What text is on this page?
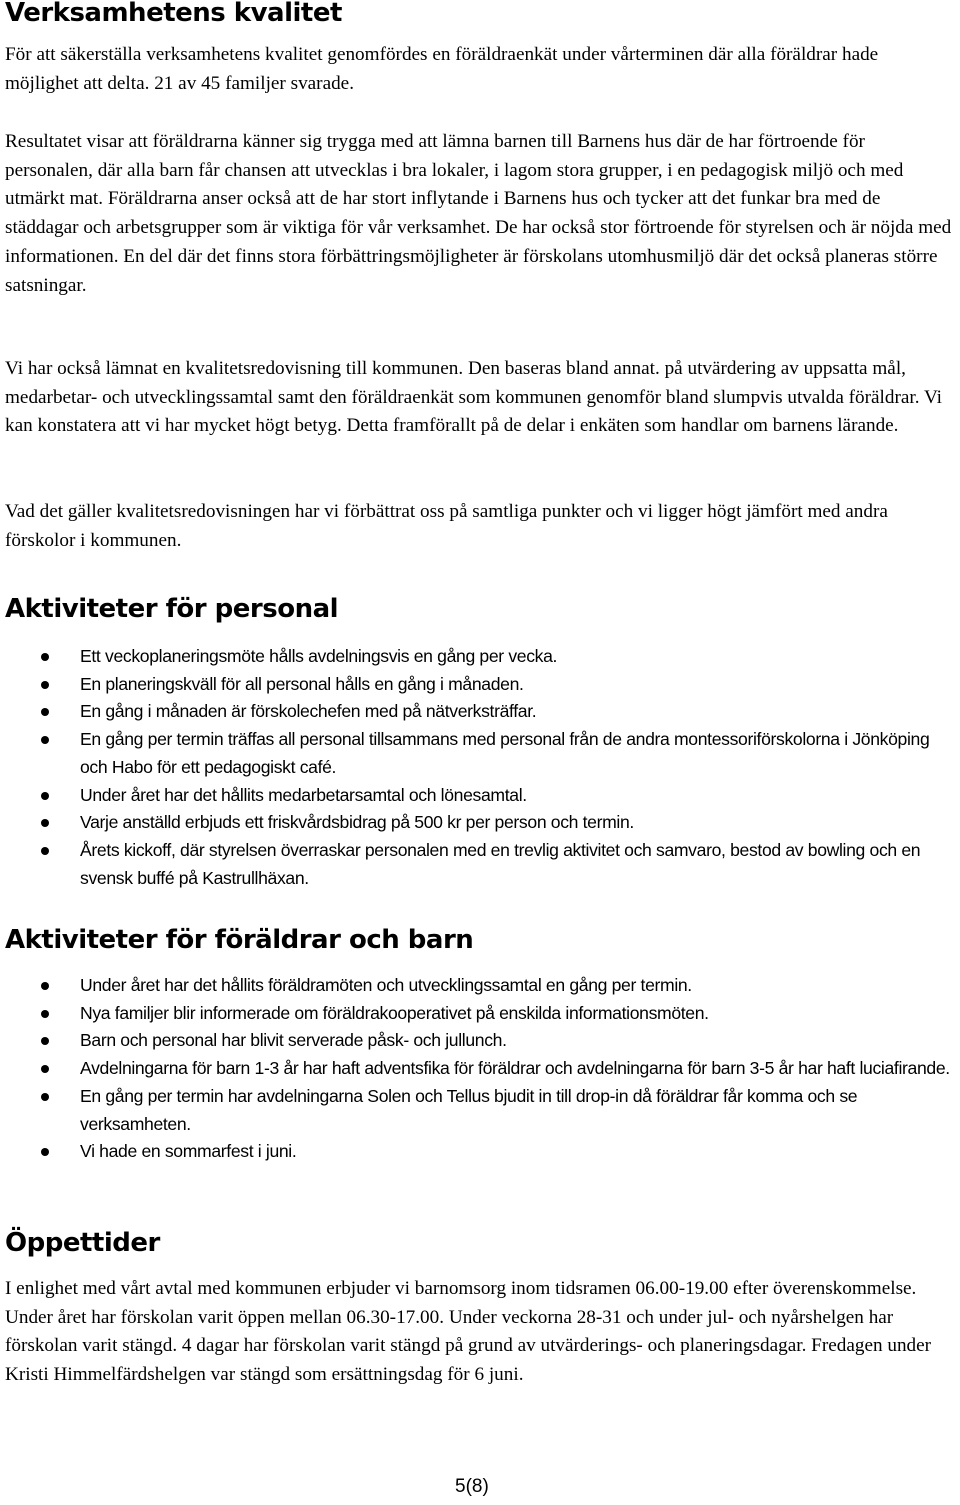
Verksamhetens kvalitet

För att säkerställa verksamhetens kvalitet genomfördes en föräldraenkät under vårterminen där alla föräldrar hade möjlighet att delta. 21 av 45 familjer svarade.

Resultatet visar att föräldrarna känner sig trygga med att lämna barnen till Barnens hus där de har förtroende för personalen, där alla barn får chansen att utvecklas i bra lokaler, i lagom stora grupper, i en pedagogisk miljö och med utmärkt mat. Föräldrarna anser också att de har stort inflytande i Barnens hus och tycker att det funkar bra med de städdagar och arbetsgrupper som är viktiga för vår verksamhet. De har också stor förtroende för styrelsen och är nöjda med informationen. En del där det finns stora förbättringsmöjligheter är förskolans utomhusmiljö där det också planeras större satsningar.

Vi har också lämnat en kvalitetsredovisning till kommunen. Den baseras bland annat. på utvärdering av uppsatta mål, medarbetar- och utvecklingssamtal samt den föräldraenkät som kommunen genomför bland slumpvis utvalda föräldrar. Vi kan konstatera att vi har mycket högt betyg. Detta framförallt på de delar i enkäten som handlar om barnens lärande.

Vad det gäller kvalitetsredovisningen har vi förbättrat oss på samtliga punkter och vi ligger högt jämfört med andra förskolor i kommunen.

Aktiviteter för personal
Ett veckoplaneringsmöte hålls avdelningsvis en gång per vecka.
En planeringskväll för all personal hålls en gång i månaden.
En gång i månaden är förskolechefen med på nätverksträffar.
En gång per termin träffas all personal tillsammans med personal från de andra montessoriförskolorna i Jönköping och Habo för ett pedagogiskt café.
Under året har det hållits medarbetarsamtal och lönesamtal.
Varje anställd erbjuds ett friskvårdsbidrag på 500 kr per person och termin.
Årets kickoff, där styrelsen överraskar personalen med en trevlig aktivitet och samvaro, bestod av bowling och en svensk buffé på Kastrullhäxan.
Aktiviteter för föräldrar och barn
Under året har det hållits föräldramöten och utvecklingssamtal en gång per termin.
Nya familjer blir informerade om föräldrakooperativet på enskilda informationsmöten.
Barn och personal har blivit serverade påsk- och jullunch.
Avdelningarna för barn 1-3 år har haft adventsfika för föräldrar och avdelningarna för barn 3-5 år har haft luciafirande.
En gång per termin har avdelningarna Solen och Tellus bjudit in till drop-in då föräldrar får komma och se verksamheten.
Vi hade en sommarfest i juni.
Öppettider

I enlighet med vårt avtal med kommunen erbjuder vi barnomsorg inom tidsramen 06.00-19.00 efter överenskommelse. Under året har förskolan varit öppen mellan 06.30-17.00. Under veckorna 28-31 och under jul- och nyårshelgen har förskolan varit stängd. 4 dagar har förskolan varit stängd på grund av utvärderings- och planeringsdagar. Fredagen under Kristi Himmelfärdshelgen var stängd som ersättningsdag för 6 juni.

5(8)
